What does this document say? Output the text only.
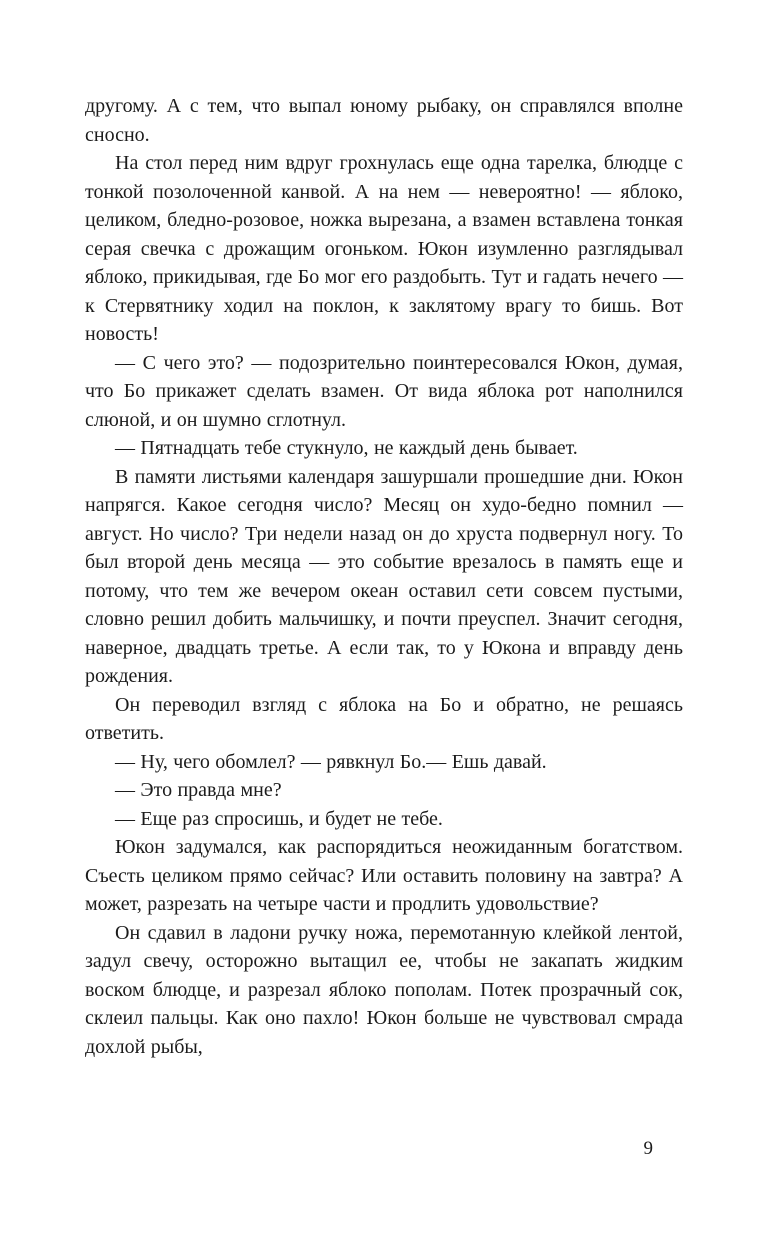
другому. А с тем, что выпал юному рыбаку, он справлялся вполне сносно.

На стол перед ним вдруг грохнулась еще одна тарелка, блюдце с тонкой позолоченной канвой. А на нем — невероятно! — яблоко, целиком, бледно-розовое, ножка вырезана, а взамен вставлена тонкая серая свечка с дрожащим огоньком. Юкон изумленно разглядывал яблоко, прикидывая, где Бо мог его раздобыть. Тут и гадать нечего — к Стервятнику ходил на поклон, к заклятому врагу то бишь. Вот новость!

— С чего это? — подозрительно поинтересовался Юкон, думая, что Бо прикажет сделать взамен. От вида яблока рот наполнился слюной, и он шумно сглотнул.

— Пятнадцать тебе стукнуло, не каждый день бывает.

В памяти листьями календаря зашуршали прошедшие дни. Юкон напрягся. Какое сегодня число? Месяц он худо-бедно помнил — август. Но число? Три недели назад он до хруста подвернул ногу. То был второй день месяца — это событие врезалось в память еще и потому, что тем же вечером океан оставил сети совсем пустыми, словно решил добить мальчишку, и почти преуспел. Значит сегодня, наверное, двадцать третье. А если так, то у Юкона и вправду день рождения.

Он переводил взгляд с яблока на Бо и обратно, не решаясь ответить.

— Ну, чего обомлел? — рявкнул Бо.— Ешь давай.

— Это правда мне?

— Еще раз спросишь, и будет не тебе.

Юкон задумался, как распорядиться неожиданным богатством. Съесть целиком прямо сейчас? Или оставить половину на завтра? А может, разрезать на четыре части и продлить удовольствие?

Он сдавил в ладони ручку ножа, перемотанную клейкой лентой, задул свечу, осторожно вытащил ее, чтобы не закапать жидким воском блюдце, и разрезал яблоко пополам. Потек прозрачный сок, склеил пальцы. Как оно пахло! Юкон больше не чувствовал смрада дохлой рыбы,

9
